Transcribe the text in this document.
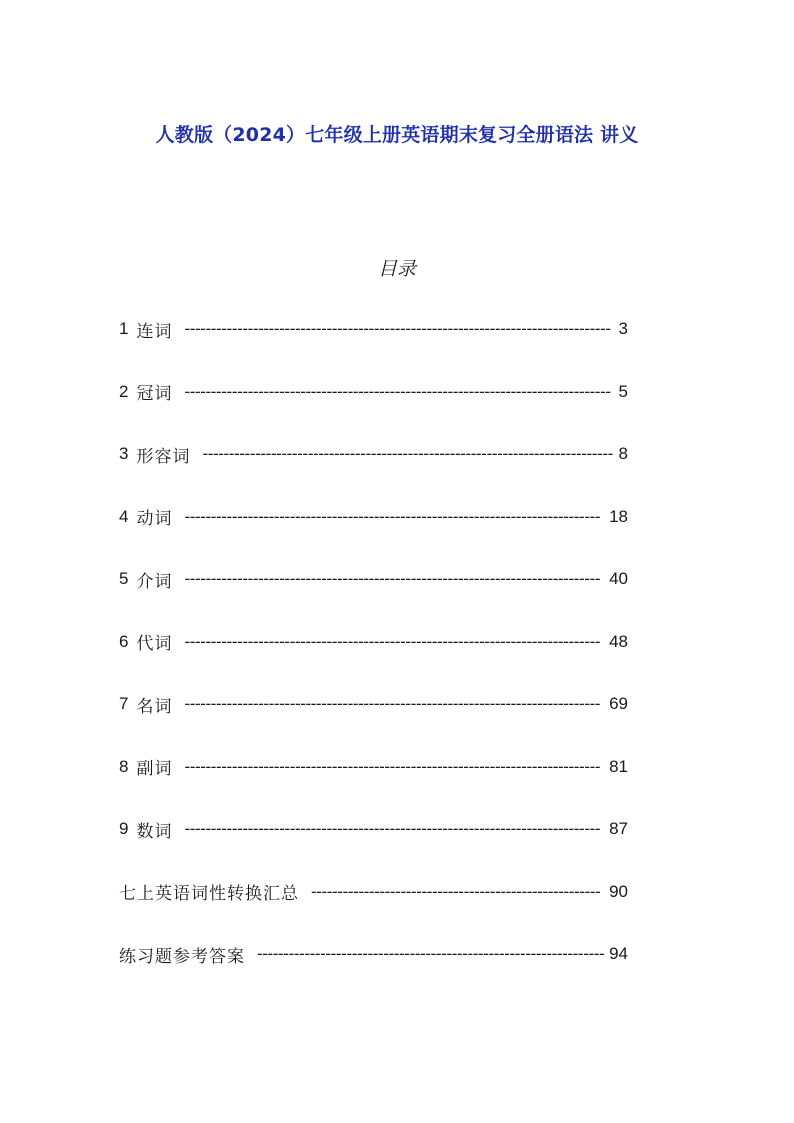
人教版（2024）七年级上册英语期末复习全册语法 讲义
目录
1 连词 --------------------------------------------------------------------------------- 3
2 冠词 --------------------------------------------------------------------------------- 5
3 形容词 ------------------------------------------------------------------------------ 8
4 动词 ------------------------------------------------------------------------------- 18
5 介词 ------------------------------------------------------------------------------- 40
6 代词 ------------------------------------------------------------------------------- 48
7 名词 ------------------------------------------------------------------------------- 69
8 副词 ------------------------------------------------------------------------------- 81
9 数词 ------------------------------------------------------------------------------- 87
七上英语词性转换汇总 ------------------------------------------------------- 90
练习题参考答案 ------------------------------------------------------------------ 94
